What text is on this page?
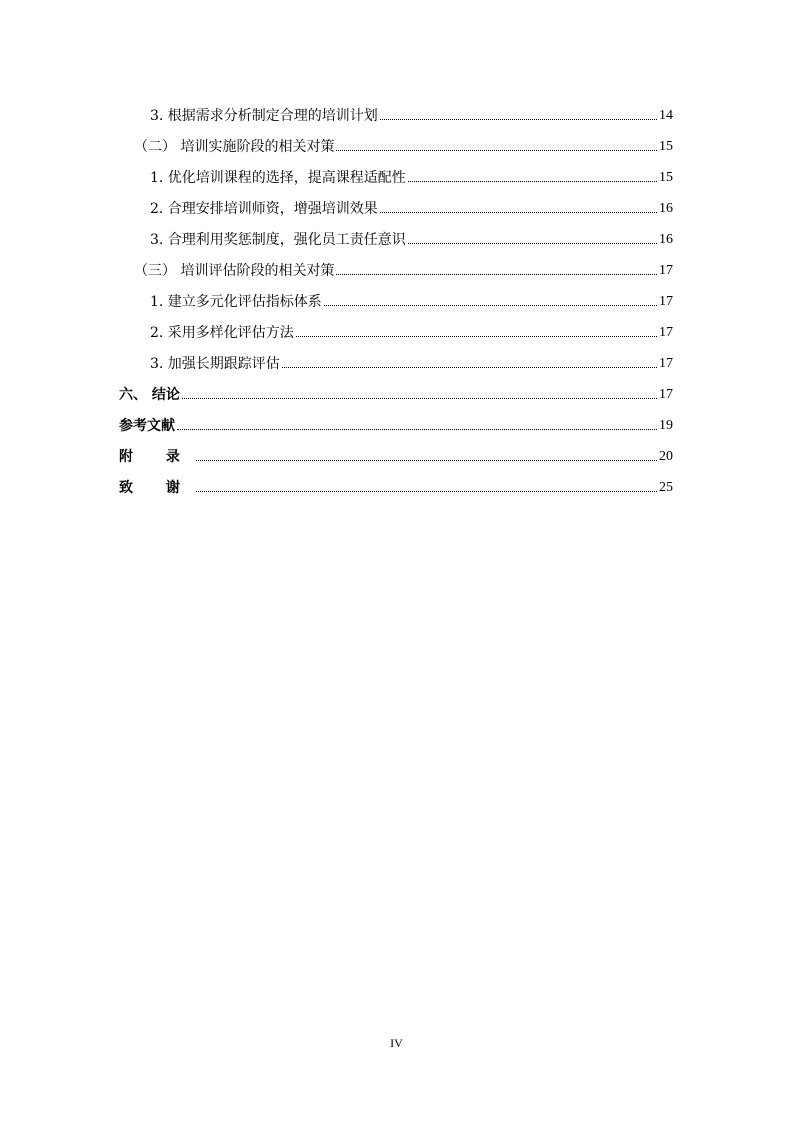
3. 根据需求分析制定合理的培训计划	14
（二） 培训实施阶段的相关对策	15
1. 优化培训课程的选择，提高课程适配性	15
2. 合理安排培训师资，增强培训效果	16
3. 合理利用奖惩制度，强化员工责任意识	16
（三） 培训评估阶段的相关对策	17
1. 建立多元化评估指标体系	17
2. 采用多样化评估方法	17
3. 加强长期跟踪评估	17
六、 结论	17
参考文献	19
附 录	20
致 谢	25
IV
